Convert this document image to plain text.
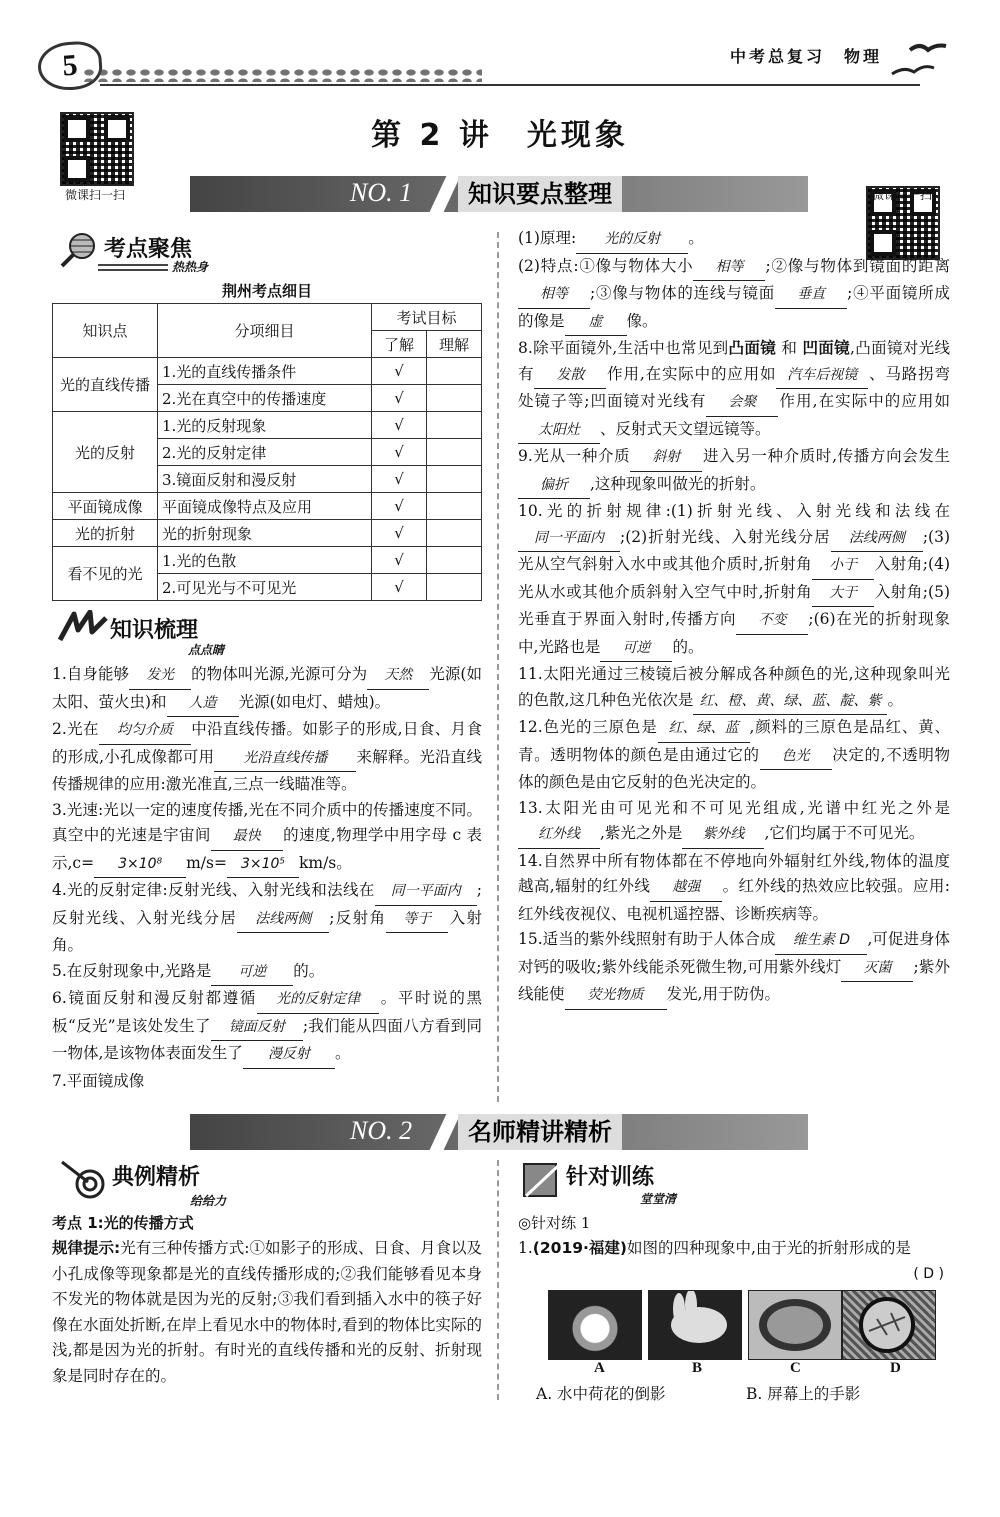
5	中考总复习　物理
微课扫一扫	微课扫一扫
第 2 讲　光现象
NO. 1	知识要点整理
考点聚焦
热热身
荆州考点细目
知识点	分项细目	考试目标	
		了解	理解
光的直线传播	1.光的直线传播条件	√	
	2.光在真空中的传播速度	√	
光的反射	1.光的反射现象	√	
	2.光的反射定律	√	
	3.镜面反射和漫反射	√	
平面镜成像	平面镜成像特点及应用	√	
光的折射	光的折射现象	√	
看不见的光	1.光的色散	√	
	2.可见光与不可见光	√	
知识梳理
点点睛
1.自身能够 发光 的物体叫光源,光源可分为 天然 光源(如太阳、萤火虫)和 人造 光源(如电灯、蜡烛)。
2.光在 均匀介质 中沿直线传播。如影子的形成,日食、月食的形成,小孔成像都可用 光沿直线传播 来解释。光沿直线传播规律的应用:激光准直,三点一线瞄准等。
3.光速:光以一定的速度传播,光在不同介质中的传播速度不同。真空中的光速是宇宙间 最快 的速度,物理学中用字母 c 表示,c= 3×10⁸ m/s= 3×10⁵ km/s。
4.光的反射定律:反射光线、入射光线和法线在 同一平面内 ;反射光线、入射光线分居 法线两侧 ;反射角 等于 入射角。
5.在反射现象中,光路是 可逆 的。
6.镜面反射和漫反射都遵循 光的反射定律 。平时说的黑板“反光”是该处发生了 镜面反射 ;我们能从四面八方看到同一物体,是该物体表面发生了 漫反射 。
7.平面镜成像
(1)原理: 光的反射 。
(2)特点:①像与物体大小 相等 ;②像与物体到镜面的距离相等 ;③像与物体的连线与镜面 垂直 ;④平面镜所成的像是 虚 像。
8.除平面镜外,生活中也常见到凸面镜 和 凹面镜,凸面镜对光线有 发散 作用,在实际中的应用如 汽车后视镜 、马路拐弯处镜子等;凹面镜对光线有 会聚 作用,在实际中的应用如太阳灶 、反射式天文望远镜等。
9.光从一种介质 斜射 进入另一种介质时,传播方向会发生偏折 ,这种现象叫做光的折射。
10.光的折射规律:(1)折射光线、入射光线和法线在同一平面内 ;(2)折射光线、入射光线分居 法线两侧 ;(3)光从空气斜射入水中或其他介质时,折射角 小于 入射角;(4)光从水或其他介质斜射入空气中时,折射角 大于 入射角;(5)光垂直于界面入射时,传播方向 不变 ;(6)在光的折射现象中,光路也是 可逆 的。
11.太阳光通过三棱镜后被分解成各种颜色的光,这种现象叫光的色散,这几种色光依次是 红、橙、黄、绿、蓝、靛、紫 。
12.色光的三原色是 红、绿、蓝 ,颜料的三原色是品红、黄、青。透明物体的颜色是由通过它的 色光 决定的,不透明物体的颜色是由它反射的色光决定的。
13.太阳光由可见光和不可见光组成,光谱中红光之外是红外线 ,紫光之外是 紫外线 ,它们均属于不可见光。
14.自然界中所有物体都在不停地向外辐射红外线,物体的温度越高,辐射的红外线 越强 。红外线的热效应比较强。应用:红外线夜视仪、电视机遥控器、诊断疾病等。
15.适当的紫外线照射有助于人体合成 维生素 D ,可促进身体对钙的吸收;紫外线能杀死微生物,可用紫外线灯 灭菌 ;紫外线能使 荧光物质 发光,用于防伪。
NO. 2	名师精讲精析
典例精析
给给力
考点 1:光的传播方式
规律提示:光有三种传播方式:①如影子的形成、日食、月食以及小孔成像等现象都是光的直线传播形成的;②我们能够看见本身不发光的物体就是因为光的反射;③我们看到插入水中的筷子好像在水面处折断,在岸上看见水中的物体时,看到的物体比实际的浅,都是因为光的折射。有时光的直线传播和光的反射、折射现象是同时存在的。
针对训练
堂堂清
◎针对练 1
1.(2019·福建)如图的四种现象中,由于光的折射形成的是
( D )
A	B	C	D
A. 水中荷花的倒影	B. 屏幕上的手影
